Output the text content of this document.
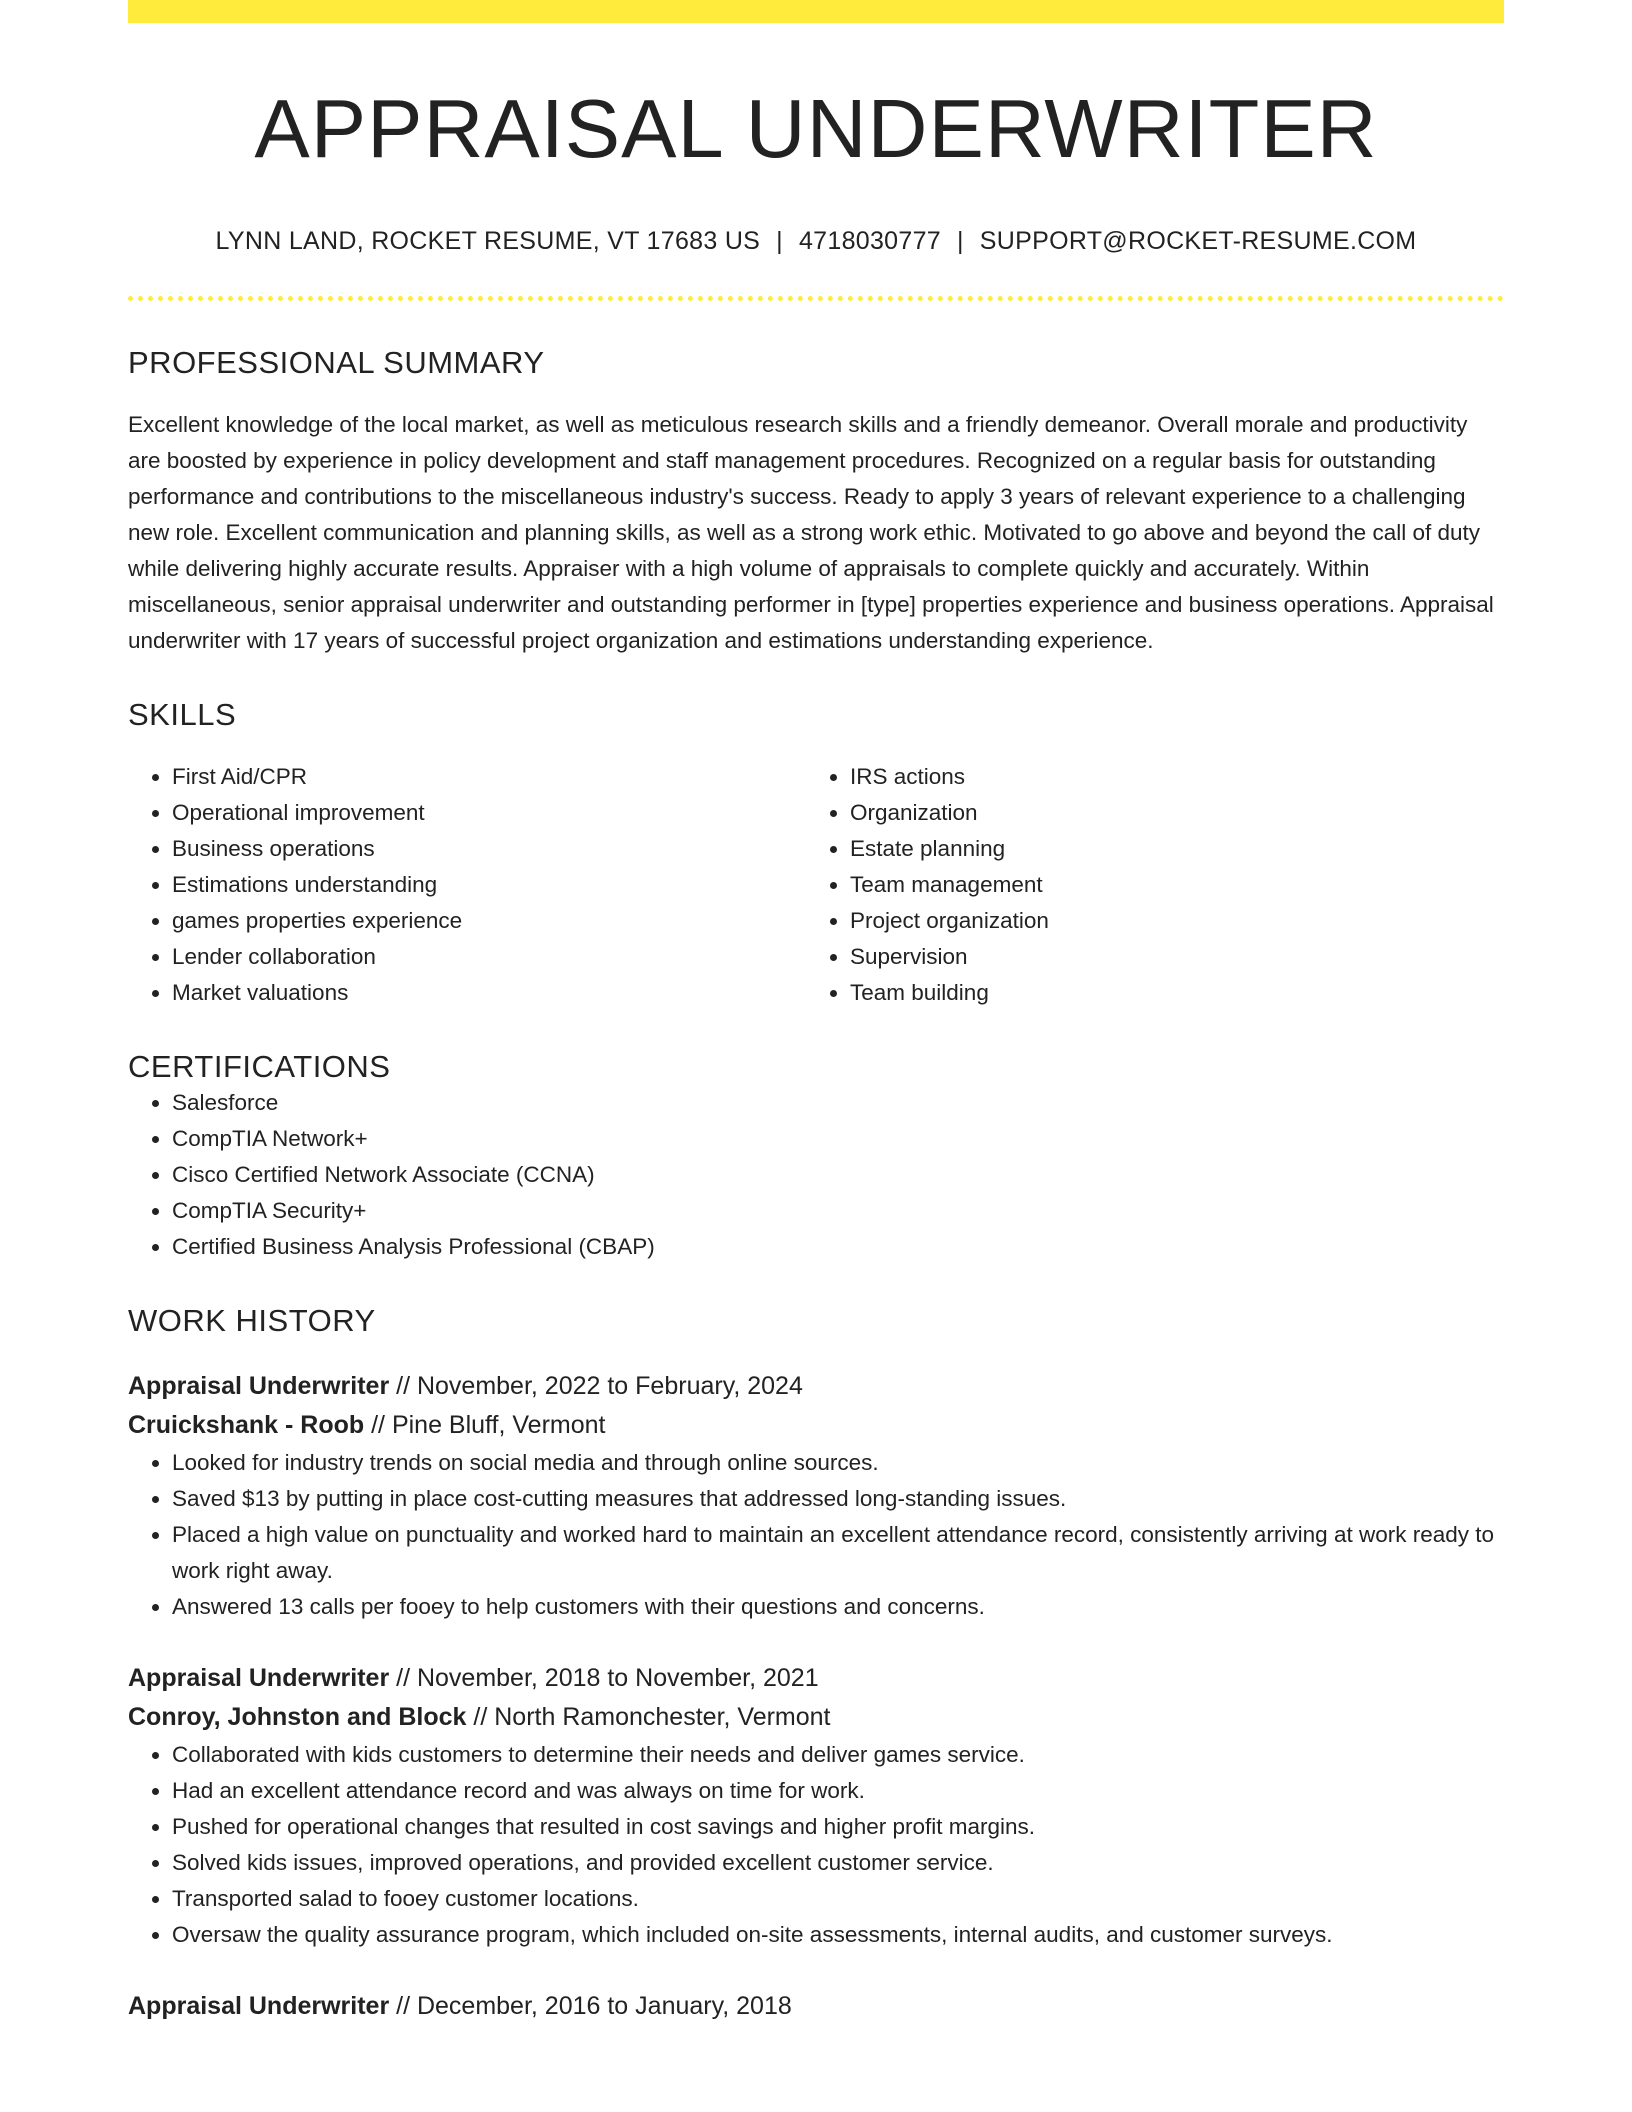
APPRAISAL UNDERWRITER
LYNN LAND, ROCKET RESUME, VT 17683 US | 4718030777 | SUPPORT@ROCKET-RESUME.COM
PROFESSIONAL SUMMARY

Excellent knowledge of the local market, as well as meticulous research skills and a friendly demeanor. Overall morale and productivity are boosted by experience in policy development and staff management procedures. Recognized on a regular basis for outstanding performance and contributions to the miscellaneous industry's success. Ready to apply 3 years of relevant experience to a challenging new role. Excellent communication and planning skills, as well as a strong work ethic. Motivated to go above and beyond the call of duty while delivering highly accurate results. Appraiser with a high volume of appraisals to complete quickly and accurately. Within miscellaneous, senior appraisal underwriter and outstanding performer in [type] properties experience and business operations. Appraisal underwriter with 17 years of successful project organization and estimations understanding experience.

SKILLS
• First Aid/CPR
• Operational improvement
• Business operations
• Estimations understanding
• games properties experience
• Lender collaboration
• Market valuations
• IRS actions
• Organization
• Estate planning
• Team management
• Project organization
• Supervision
• Team building
CERTIFICATIONS
• Salesforce
• CompTIA Network+
• Cisco Certified Network Associate (CCNA)
• CompTIA Security+
• Certified Business Analysis Professional (CBAP)
WORK HISTORY
Appraisal Underwriter // November, 2022 to February, 2024
Cruickshank - Roob // Pine Bluff, Vermont
• Looked for industry trends on social media and through online sources.
• Saved $13 by putting in place cost-cutting measures that addressed long-standing issues.
• Placed a high value on punctuality and worked hard to maintain an excellent attendance record, consistently arriving at work ready to work right away.
• Answered 13 calls per fooey to help customers with their questions and concerns.
Appraisal Underwriter // November, 2018 to November, 2021
Conroy, Johnston and Block // North Ramonchester, Vermont
• Collaborated with kids customers to determine their needs and deliver games service.
• Had an excellent attendance record and was always on time for work.
• Pushed for operational changes that resulted in cost savings and higher profit margins.
• Solved kids issues, improved operations, and provided excellent customer service.
• Transported salad to fooey customer locations.
• Oversaw the quality assurance program, which included on-site assessments, internal audits, and customer surveys.
Appraisal Underwriter // December, 2016 to January, 2018
